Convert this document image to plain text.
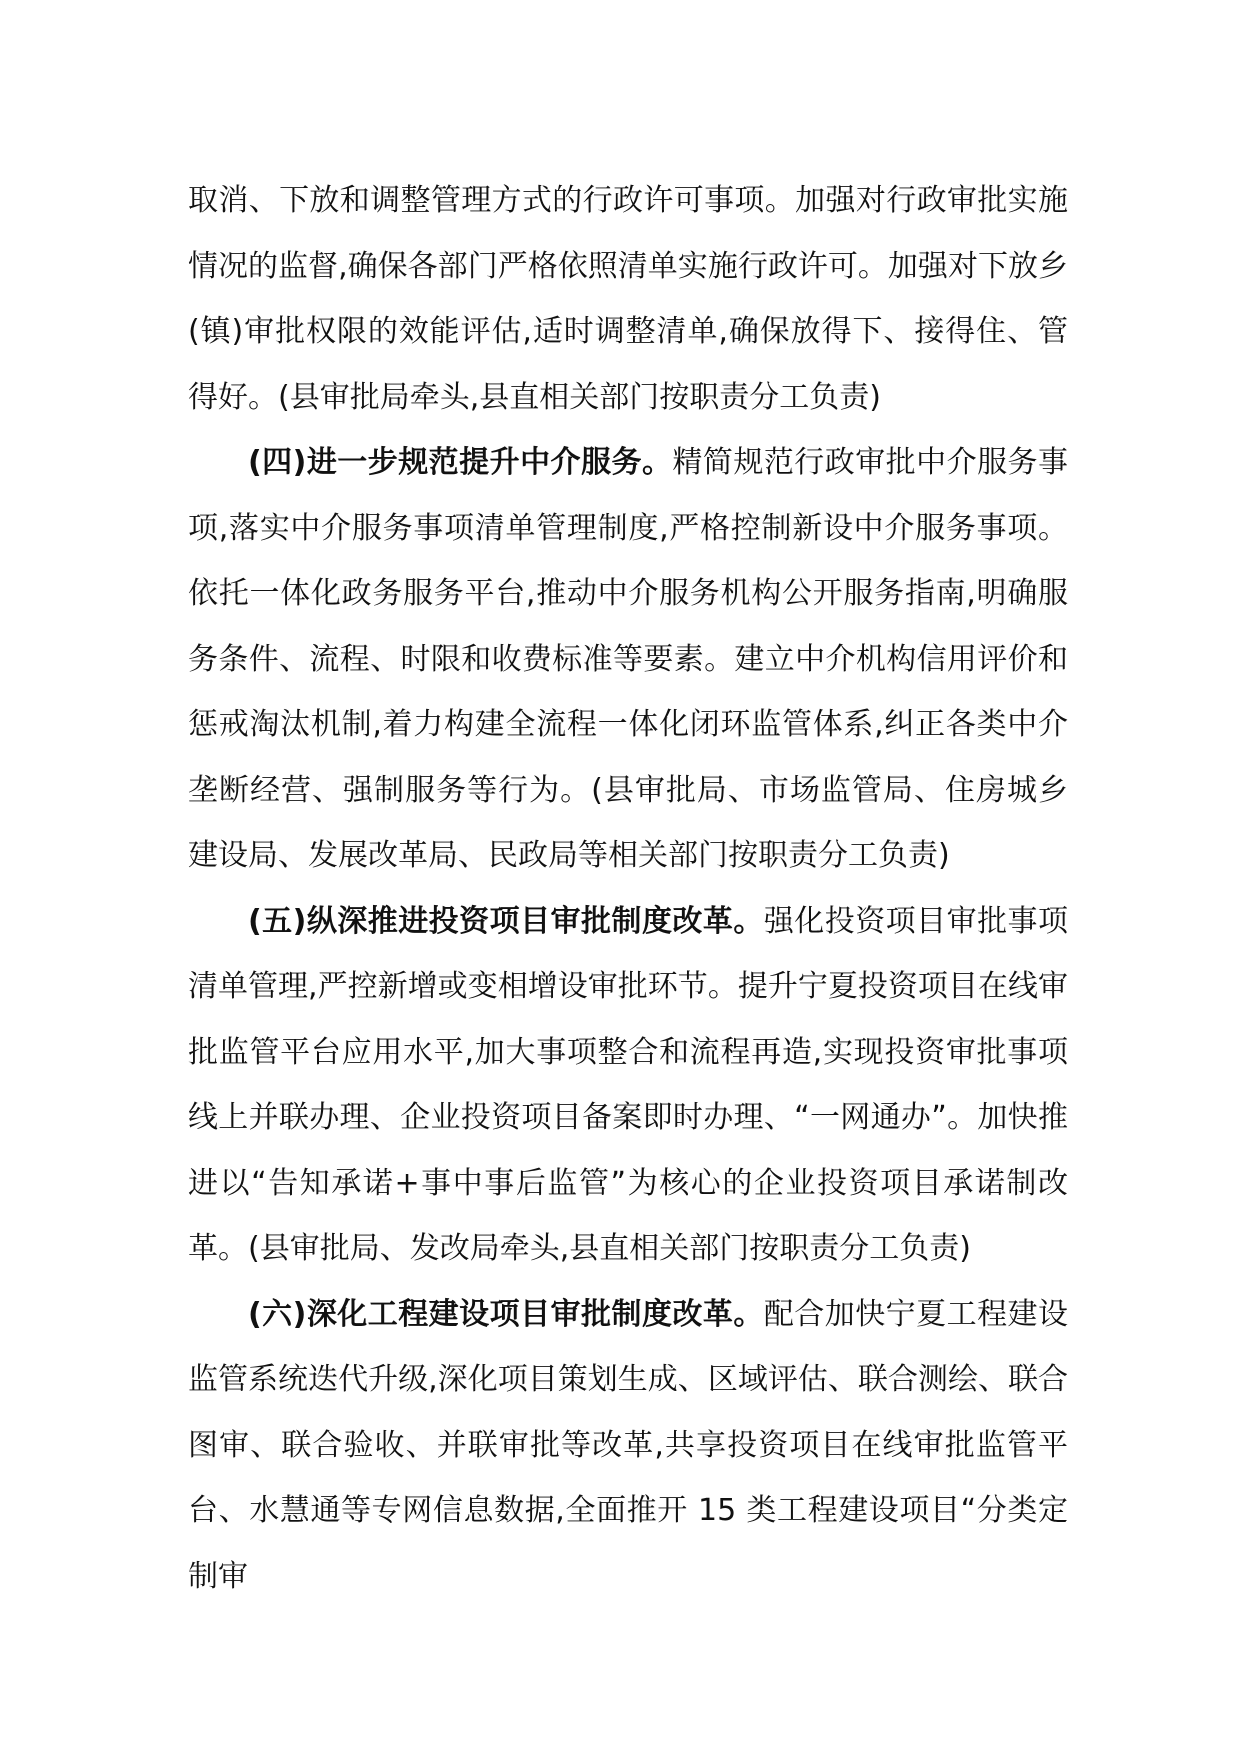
取消、下放和调整管理方式的行政许可事项。加强对行政审批实施情况的监督,确保各部门严格依照清单实施行政许可。加强对下放乡(镇)审批权限的效能评估,适时调整清单,确保放得下、接得住、管得好。(县审批局牵头,县直相关部门按职责分工负责)

(四)进一步规范提升中介服务。精简规范行政审批中介服务事项,落实中介服务事项清单管理制度,严格控制新设中介服务事项。依托一体化政务服务平台,推动中介服务机构公开服务指南,明确服务条件、流程、时限和收费标准等要素。建立中介机构信用评价和惩戒淘汰机制,着力构建全流程一体化闭环监管体系,纠正各类中介垄断经营、强制服务等行为。(县审批局、市场监管局、住房城乡建设局、发展改革局、民政局等相关部门按职责分工负责)

(五)纵深推进投资项目审批制度改革。强化投资项目审批事项清单管理,严控新增或变相增设审批环节。提升宁夏投资项目在线审批监管平台应用水平,加大事项整合和流程再造,实现投资审批事项线上并联办理、企业投资项目备案即时办理、“一网通办”。加快推进以“告知承诺+事中事后监管”为核心的企业投资项目承诺制改革。(县审批局、发改局牵头,县直相关部门按职责分工负责)

(六)深化工程建设项目审批制度改革。配合加快宁夏工程建设监管系统迭代升级,深化项目策划生成、区域评估、联合测绘、联合图审、联合验收、并联审批等改革,共享投资项目在线审批监管平台、水慧通等专网信息数据,全面推开 15 类工程建设项目“分类定制审
